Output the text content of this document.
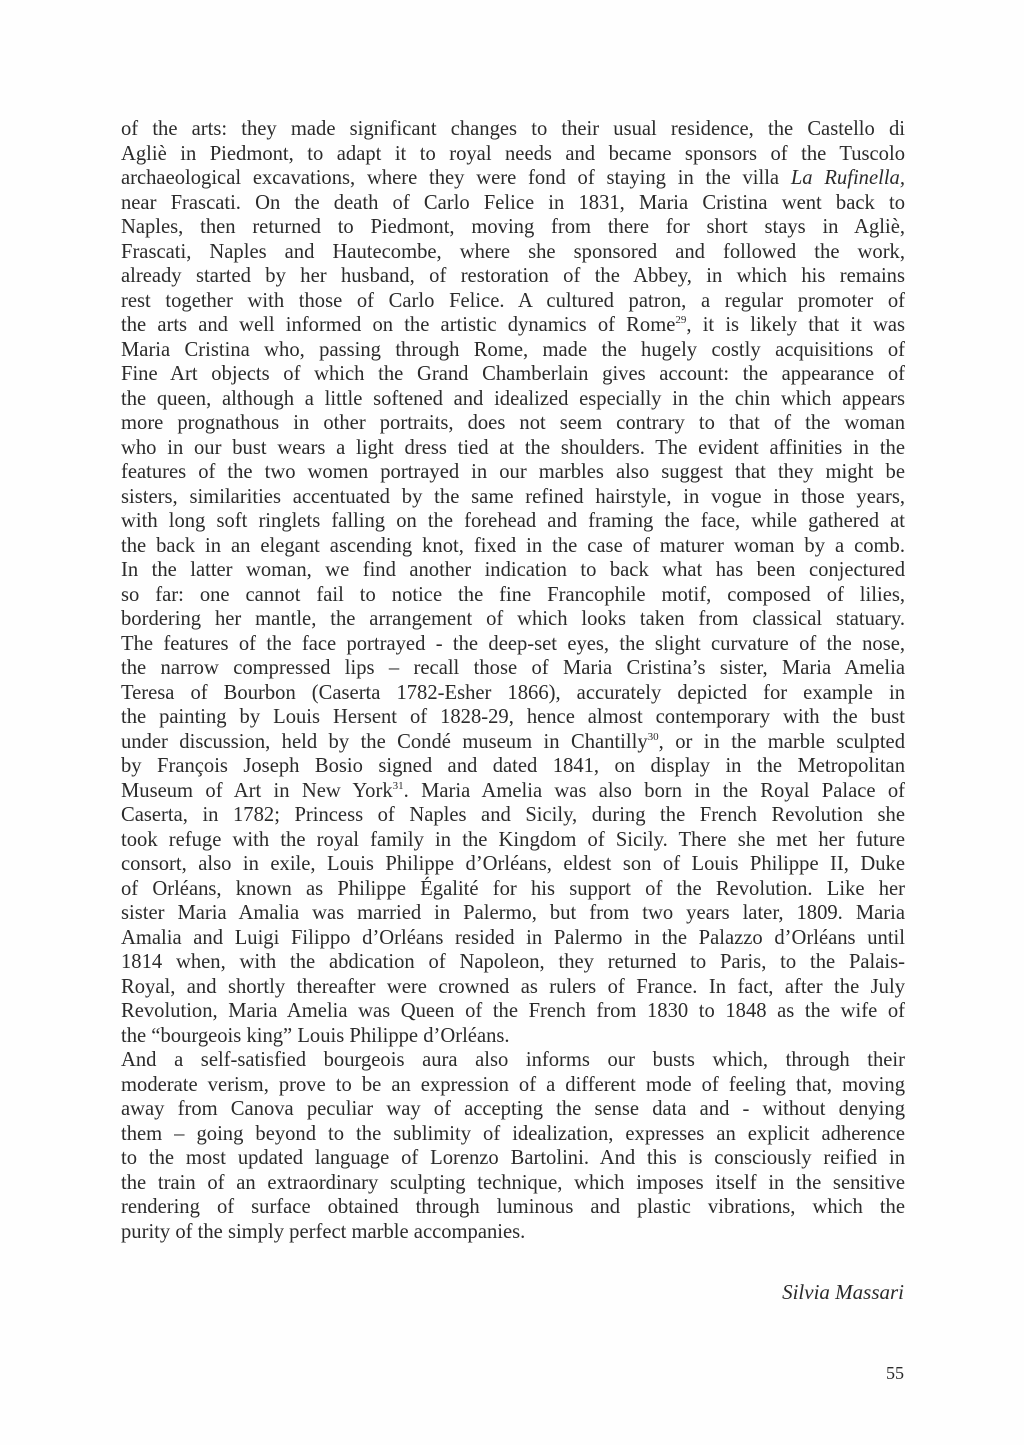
of the arts: they made significant changes to their usual residence, the Castello di
Agliè in Piedmont, to adapt it to royal needs and became sponsors of the Tuscolo
archaeological excavations, where they were fond of staying in the villa La Rufinella,
near Frascati. On the death of Carlo Felice in 1831, Maria Cristina went back to
Naples, then returned to Piedmont, moving from there for short stays in Agliè,
Frascati, Naples and Hautecombe, where she sponsored and followed the work,
already started by her husband, of restoration of the Abbey, in which his remains
rest together with those of Carlo Felice. A cultured patron, a regular promoter of
the arts and well informed on the artistic dynamics of Rome$^{29}$, it is likely that it was
Maria Cristina who, passing through Rome, made the hugely costly acquisitions of
Fine Art objects of which the Grand Chamberlain gives account: the appearance of
the queen, although a little softened and idealized especially in the chin which appears
more prognathous in other portraits, does not seem contrary to that of the woman
who in our bust wears a light dress tied at the shoulders. The evident affinities in the
features of the two women portrayed in our marbles also suggest that they might be
sisters, similarities accentuated by the same refined hairstyle, in vogue in those years,
with long soft ringlets falling on the forehead and framing the face, while gathered at
the back in an elegant ascending knot, fixed in the case of maturer woman by a comb.
In the latter woman, we find another indication to back what has been conjectured
so far: one cannot fail to notice the fine Francophile motif, composed of lilies,
bordering her mantle, the arrangement of which looks taken from classical statuary.
The features of the face portrayed - the deep-set eyes, the slight curvature of the nose,
the narrow compressed lips – recall those of Maria Cristina’s sister, Maria Amelia
Teresa of Bourbon (Caserta 1782-Esher 1866), accurately depicted for example in
the painting by Louis Hersent of 1828-29, hence almost contemporary with the bust
under discussion, held by the Condé museum in Chantilly$^{30}$, or in the marble sculpted
by François Joseph Bosio signed and dated 1841, on display in the Metropolitan
Museum of Art in New York$^{31}$. Maria Amelia was also born in the Royal Palace of
Caserta, in 1782; Princess of Naples and Sicily, during the French Revolution she
took refuge with the royal family in the Kingdom of Sicily. There she met her future
consort, also in exile, Louis Philippe d’Orléans, eldest son of Louis Philippe II, Duke
of Orléans, known as Philippe Égalité for his support of the Revolution. Like her
sister Maria Amalia was married in Palermo, but from two years later, 1809. Maria
Amalia and Luigi Filippo d’Orléans resided in Palermo in the Palazzo d’Orléans until
1814 when, with the abdication of Napoleon, they returned to Paris, to the Palais-
Royal, and shortly thereafter were crowned as rulers of France. In fact, after the July
Revolution, Maria Amelia was Queen of the French from 1830 to 1848 as the wife of
the “bourgeois king” Louis Philippe d’Orléans.

And a self-satisfied bourgeois aura also informs our busts which, through their
moderate verism, prove to be an expression of a different mode of feeling that, moving
away from Canova peculiar way of accepting the sense data and - without denying
them – going beyond to the sublimity of idealization, expresses an explicit adherence
to the most updated language of Lorenzo Bartolini. And this is consciously reified in
the train of an extraordinary sculpting technique, which imposes itself in the sensitive
rendering of surface obtained through luminous and plastic vibrations, which the
purity of the simply perfect marble accompanies.

Silvia Massari
55
